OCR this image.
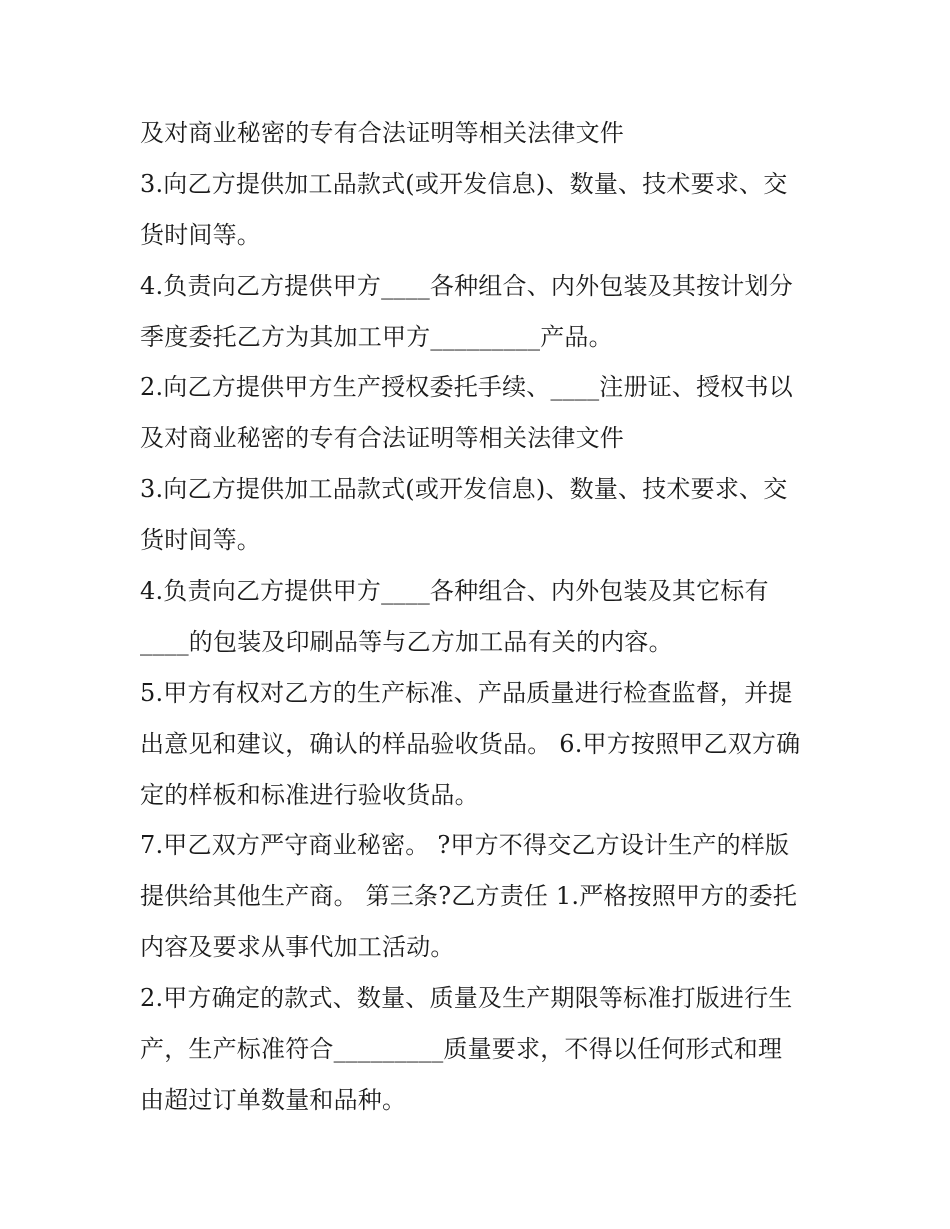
及对商业秘密的专有合法证明等相关法律文件
3.向乙方提供加工品款式(或开发信息)、数量、技术要求、交
货时间等。
4.负责向乙方提供甲方____各种组合、内外包装及其按计划分
季度委托乙方为其加工甲方_________产品。
2.向乙方提供甲方生产授权委托手续、____注册证、授权书以
及对商业秘密的专有合法证明等相关法律文件
3.向乙方提供加工品款式(或开发信息)、数量、技术要求、交
货时间等。
4.负责向乙方提供甲方____各种组合、内外包装及其它标有
____的包装及印刷品等与乙方加工品有关的内容。
5.甲方有权对乙方的生产标准、产品质量进行检查监督，并提
出意见和建议，确认的样品验收货品。 6.甲方按照甲乙双方确
定的样板和标准进行验收货品。
7.甲乙双方严守商业秘密。 ?甲方不得交乙方设计生产的样版
提供给其他生产商。 第三条?乙方责任 1.严格按照甲方的委托
内容及要求从事代加工活动。
2.甲方确定的款式、数量、质量及生产期限等标准打版进行生
产，生产标准符合_________质量要求，不得以任何形式和理
由超过订单数量和品种。
